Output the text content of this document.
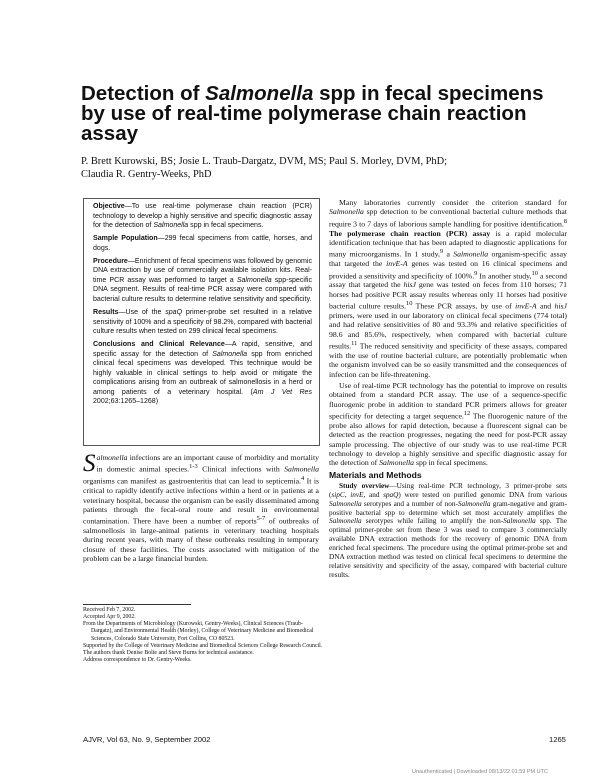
Detection of Salmonella spp in fecal specimens by use of real-time polymerase chain reaction assay
P. Brett Kurowski, BS; Josie L. Traub-Dargatz, DVM, MS; Paul S. Morley, DVM, PhD;
Claudia R. Gentry-Weeks, PhD

Objective—To use real-time polymerase chain reaction (PCR) technology to develop a highly sensitive and specific diagnostic assay for the detection of Salmonella spp in fecal specimens.

Sample Population—299 fecal specimens from cattle, horses, and dogs.

Procedure—Enrichment of fecal specimens was followed by genomic DNA extraction by use of commercially available isolation kits. Real-time PCR assay was performed to target a Salmonella spp-specific DNA segment. Results of real-time PCR assay were compared with bacterial culture results to determine relative sensitivity and specificity.

Results—Use of the spaQ primer-probe set resulted in a relative sensitivity of 100% and a specificity of 98.2%, compared with bacterial culture results when tested on 299 clinical fecal specimens.

Conclusions and Clinical Relevance—A rapid, sensitive, and specific assay for the detection of Salmonella spp from enriched clinical fecal specimens was developed. This technique would be highly valuable in clinical settings to help avoid or mitigate the complications arising from an outbreak of salmonellosis in a herd or among patients of a veterinary hospital. (Am J Vet Res 2002;63:1265–1268)

Salmonella infections are an important cause of morbidity and mortality in domestic animal species.$^{1-3}$ Clinical infections with Salmonella organisms can manifest as gastroenteritis that can lead to septicemia.$^4$ It is critical to rapidly identify active infections within a herd or in patients at a veterinary hospital, because the organism can be easily disseminated among patients through the fecal-oral route and result in environmental contamination. There have been a number of reports$^{5-7}$ of outbreaks of salmonellosis in large-animal patients in veterinary teaching hospitals during recent years, with many of these outbreaks resulting in temporary closure of these facilities. The costs associated with mitigation of the problem can be a large financial burden.

Many laboratories currently consider the criterion standard for Salmonella spp detection to be conventional bacterial culture methods that require 3 to 7 days of laborious sample handling for positive identification.$^8$ The polymerase chain reaction (PCR) assay is a rapid molecular identification technique that has been adapted to diagnostic applications for many microorganisms. In 1 study,$^9$ a Salmonella organism-specific assay that targeted the invE-A genes was tested on 16 clinical specimens and provided a sensitivity and specificity of 100%.$^9$ In another study,$^{10}$ a second assay that targeted the hisJ gene was tested on feces from 110 horses; 71 horses had positive PCR assay results whereas only 11 horses had positive bacterial culture results.$^{10}$ These PCR assays, by use of invE-A and hisJ primers, were used in our laboratory on clinical fecal specimens (774 total) and had relative sensitivities of 80 and 93.3% and relative specificities of 98.6 and 85.6%, respectively, when compared with bacterial culture results.$^{11}$ The reduced sensitivity and specificity of these assays, compared with the use of routine bacterial culture, are potentially problematic when the organism involved can be so easily transmitted and the consequences of infection can be life-threatening.

Use of real-time PCR technology has the potential to improve on results obtained from a standard PCR assay. The use of a sequence-specific fluorogenic probe in addition to standard PCR primers allows for greater specificity for detecting a target sequence.$^{12}$ The fluorogenic nature of the probe also allows for rapid detection, because a fluorescent signal can be detected as the reaction progresses, negating the need for post-PCR assay sample processing. The objective of our study was to use real-time PCR technology to develop a highly sensitive and specific diagnostic assay for the detection of Salmonella spp in fecal specimens.

Materials and Methods

Study overview—Using real-time PCR technology, 3 primer-probe sets (sipC, invE, and spaQ) were tested on purified genomic DNA from various Salmonella serotypes and a number of non-Salmonella gram-negative and gram-positive bacterial spp to determine which set most accurately amplifies the Salmonella serotypes while failing to amplify the non-Salmonella spp. The optimal primer-probe set from these 3 was used to compare 3 commercially available DNA extraction methods for the recovery of genomic DNA from enriched fecal specimens. The procedure using the optimal primer-probe set and DNA extraction method was tested on clinical fecal specimens to determine the relative sensitivity and specificity of the assay, compared with bacterial culture results.

Received Feb 7, 2002.

Accepted Apr 9, 2002.

From the Departments of Microbiology (Kurowski, Gentry-Weeks), Clinical Sciences (Traub-Dargatz), and Environmental Health (Morley), College of Veterinary Medicine and Biomedical Sciences, Colorado State University, Fort Collins, CO 80523.

Supported by the College of Veterinary Medicine and Biomedical Sciences College Research Council.

The authors thank Denise Bolte and Steve Burns for technical assistance.

Address correspondence to Dr. Gentry-Weeks.

AJVR, Vol 63, No. 9, September 2002	1265
Unauthenticated | Downloaded 08/13/22 01:59 PM UTC
